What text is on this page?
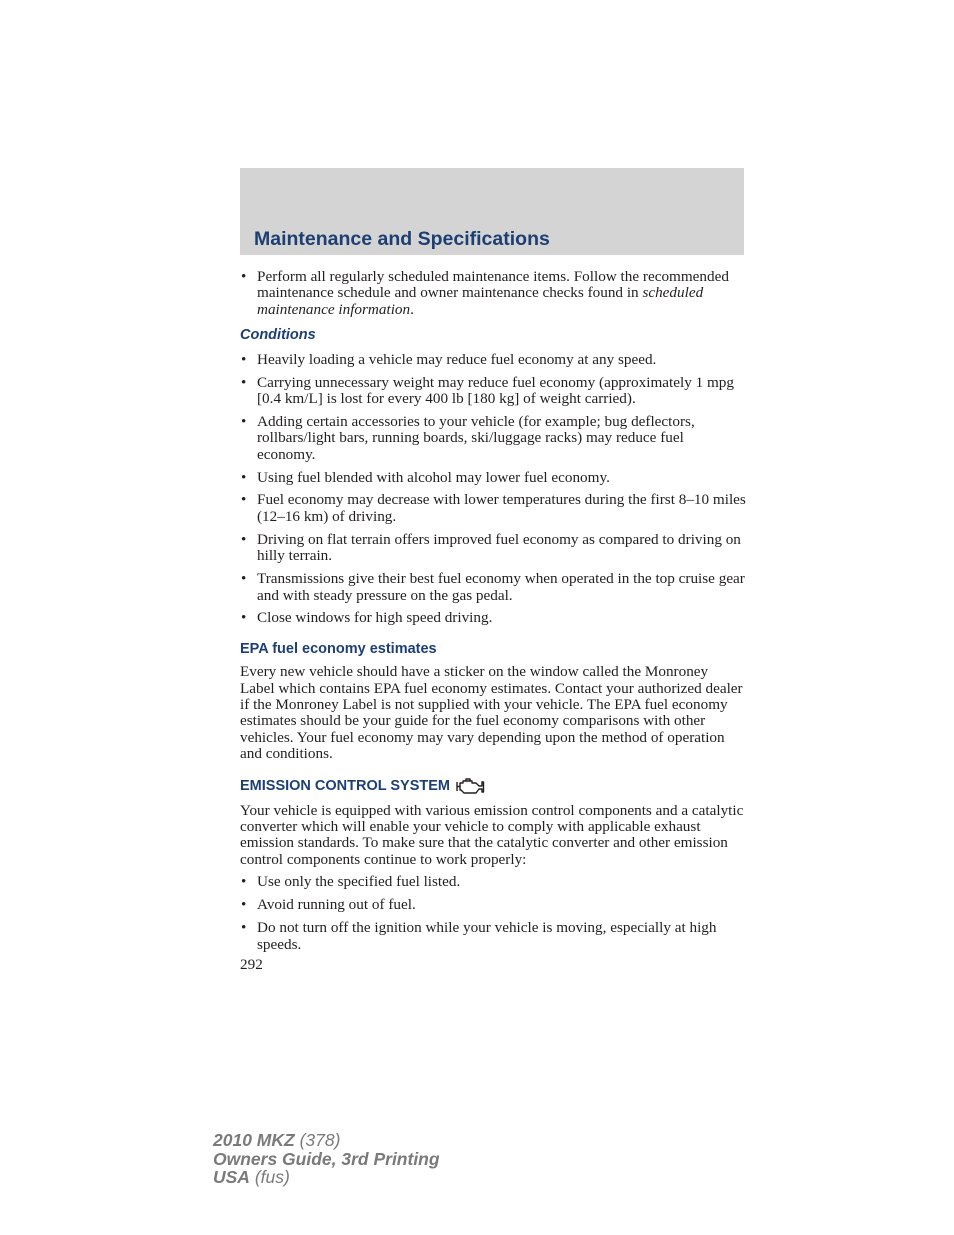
Maintenance and Specifications
• Perform all regularly scheduled maintenance items. Follow the recommended maintenance schedule and owner maintenance checks found in scheduled maintenance information.
Conditions
• Heavily loading a vehicle may reduce fuel economy at any speed.
• Carrying unnecessary weight may reduce fuel economy (approximately 1 mpg [0.4 km/L] is lost for every 400 lb [180 kg] of weight carried).
• Adding certain accessories to your vehicle (for example; bug deflectors, rollbars/light bars, running boards, ski/luggage racks) may reduce fuel economy.
• Using fuel blended with alcohol may lower fuel economy.
• Fuel economy may decrease with lower temperatures during the first 8–10 miles (12–16 km) of driving.
• Driving on flat terrain offers improved fuel economy as compared to driving on hilly terrain.
• Transmissions give their best fuel economy when operated in the top cruise gear and with steady pressure on the gas pedal.
• Close windows for high speed driving.
EPA fuel economy estimates

Every new vehicle should have a sticker on the window called the Monroney Label which contains EPA fuel economy estimates. Contact your authorized dealer if the Monroney Label is not supplied with your vehicle. The EPA fuel economy estimates should be your guide for the fuel economy comparisons with other vehicles. Your fuel economy may vary depending upon the method of operation and conditions.

EMISSION CONTROL SYSTEM

Your vehicle is equipped with various emission control components and a catalytic converter which will enable your vehicle to comply with applicable exhaust emission standards. To make sure that the catalytic converter and other emission control components continue to work properly:

• Use only the specified fuel listed.
• Avoid running out of fuel.
• Do not turn off the ignition while your vehicle is moving, especially at high speeds.

292

2010 MKZ (378)
Owners Guide, 3rd Printing
USA (fus)
